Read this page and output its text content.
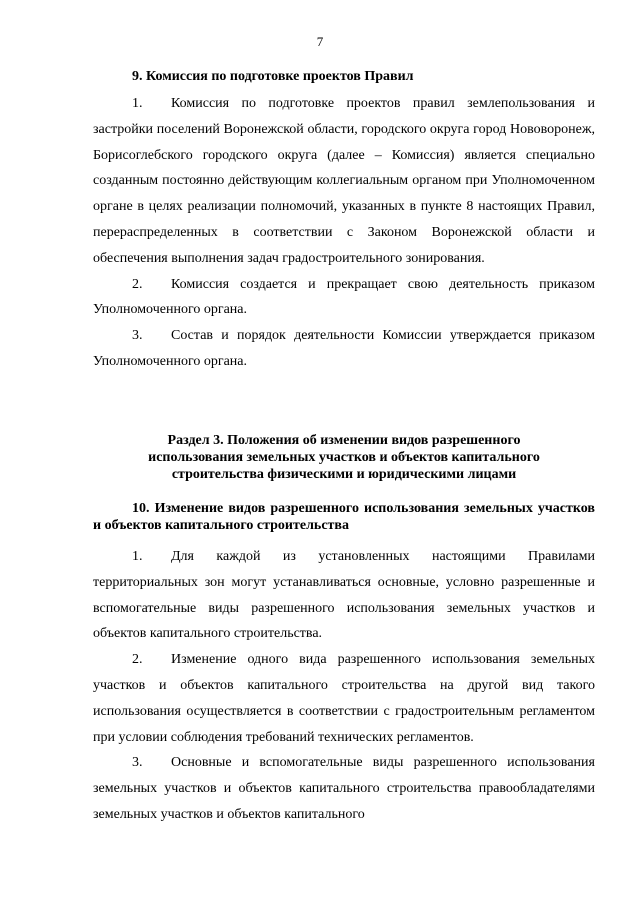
7
9. Комиссия по подготовке проектов Правил

1. Комиссия по подготовке проектов правил землепользования и застройки поселений Воронежской области, городского округа город Нововоронеж, Борисоглебского городского округа (далее – Комиссия) является специально созданным постоянно действующим коллегиальным органом при Уполномоченном органе в целях реализации полномочий, указанных в пункте 8 настоящих Правил, перераспределенных в соответствии с Законом Воронежской области и обеспечения выполнения задач градостроительного зонирования.

2. Комиссия создается и прекращает свою деятельность приказом Уполномоченного органа.

3. Состав и порядок деятельности Комиссии утверждается приказом Уполномоченного органа.

Раздел 3. Положения об изменении видов разрешенного
использования земельных участков и объектов капитального
строительства физическими и юридическими лицами
10. Изменение видов разрешенного использования земельных участков и объектов капитального строительства

1. Для каждой из установленных настоящими Правилами территориальных зон могут устанавливаться основные, условно разрешенные и вспомогательные виды разрешенного использования земельных участков и объектов капитального строительства.

2. Изменение одного вида разрешенного использования земельных участков и объектов капитального строительства на другой вид такого использования осуществляется в соответствии с градостроительным регламентом при условии соблюдения требований технических регламентов.

3. Основные и вспомогательные виды разрешенного использования земельных участков и объектов капитального строительства правообладателями земельных участков и объектов капитального
